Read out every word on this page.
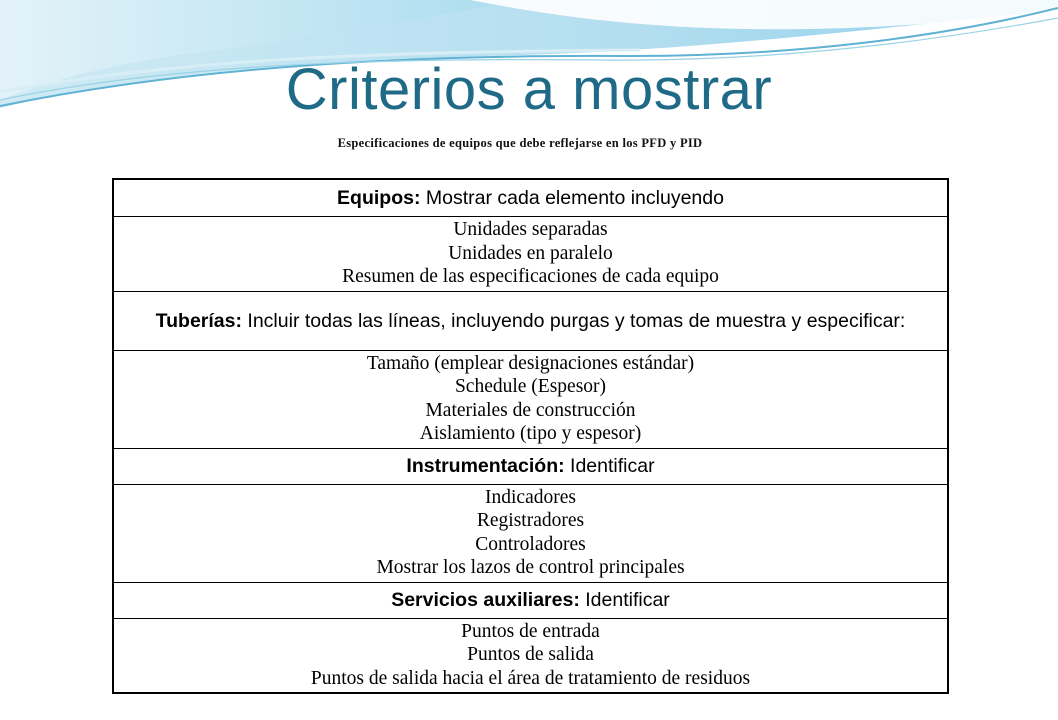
Criterios a mostrar
Especificaciones de equipos que debe reflejarse en los PFD y PID
Equipos: Mostrar cada elemento incluyendo

Unidades separadas
Unidades en paralelo
Resumen de las especificaciones de cada equipo

Tuberías: Incluir todas las líneas, incluyendo purgas y tomas de muestra y especificar:

Tamaño (emplear designaciones estándar)
Schedule (Espesor)
Materiales de construcción
Aislamiento (tipo y espesor)

Instrumentación: Identificar

Indicadores
Registradores
Controladores
Mostrar los lazos de control principales

Servicios auxiliares: Identificar

Puntos de entrada
Puntos de salida
Puntos de salida hacia el área de tratamiento de residuos
